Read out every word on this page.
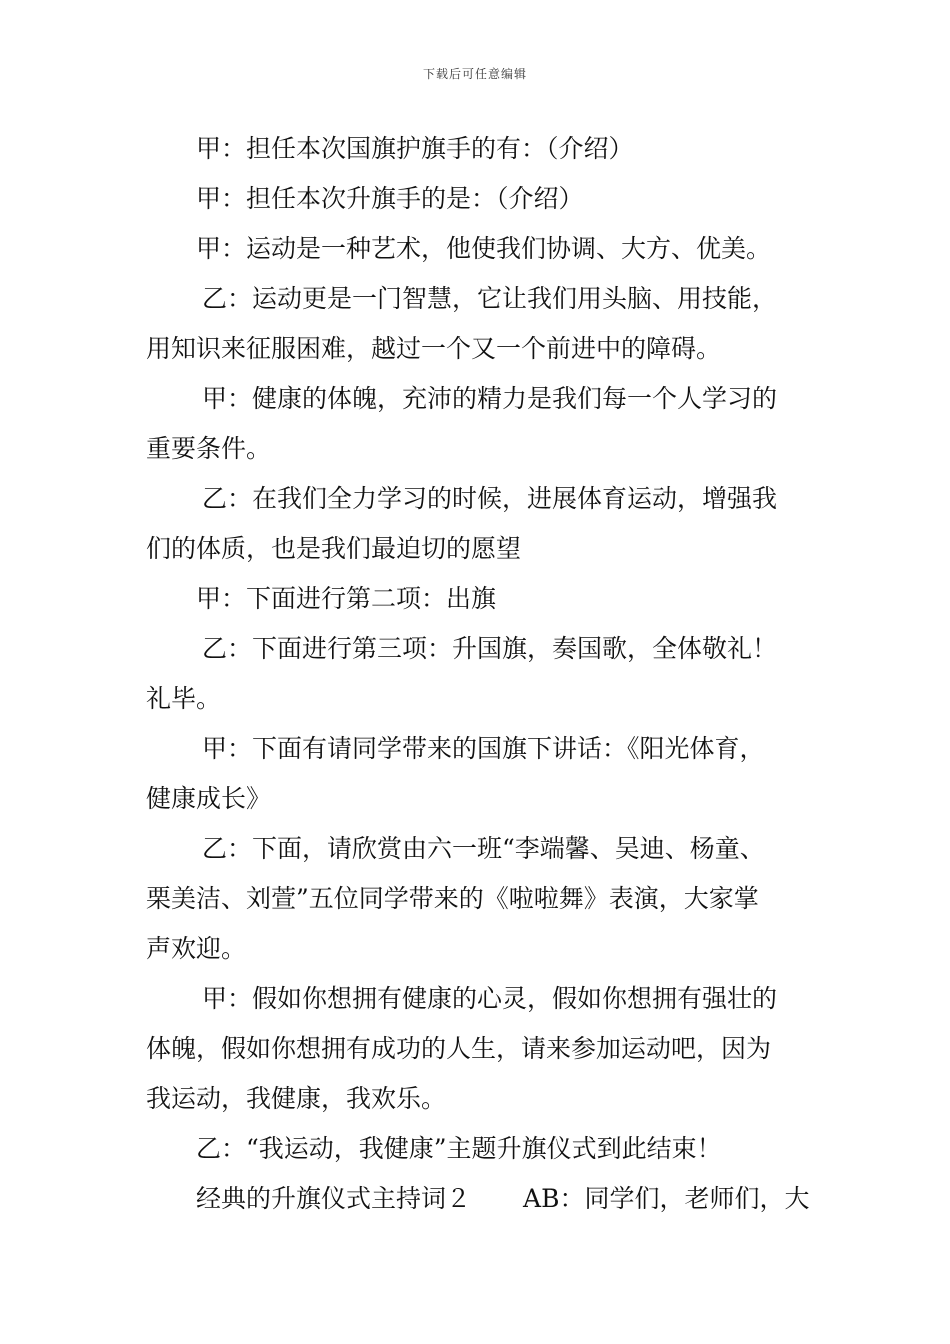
下载后可任意编辑
甲：担任本次国旗护旗手的有：（介绍）
甲：担任本次升旗手的是：（介绍）
甲：运动是一种艺术，他使我们协调、大方、优美。
乙：运动更是一门智慧，它让我们用头脑、用技能，
用知识来征服困难，越过一个又一个前进中的障碍。
甲：健康的体魄，充沛的精力是我们每一个人学习的
重要条件。
乙：在我们全力学习的时候，进展体育运动，增强我
们的体质，也是我们最迫切的愿望
甲：下面进行第二项：出旗
乙：下面进行第三项：升国旗，奏国歌，全体敬礼！
礼毕。
甲：下面有请同学带来的国旗下讲话：《阳光体育，
健康成长》
乙：下面，请欣赏由六一班“李端馨、吴迪、杨童、
栗美洁、刘萱”五位同学带来的《啦啦舞》表演，大家掌
声欢迎。
甲：假如你想拥有健康的心灵，假如你想拥有强壮的
体魄，假如你想拥有成功的人生，请来参加运动吧，因为
我运动，我健康，我欢乐。
乙：“我运动，我健康”主题升旗仪式到此结束！
经典的升旗仪式主持词２ AB：同学们，老师们，大
